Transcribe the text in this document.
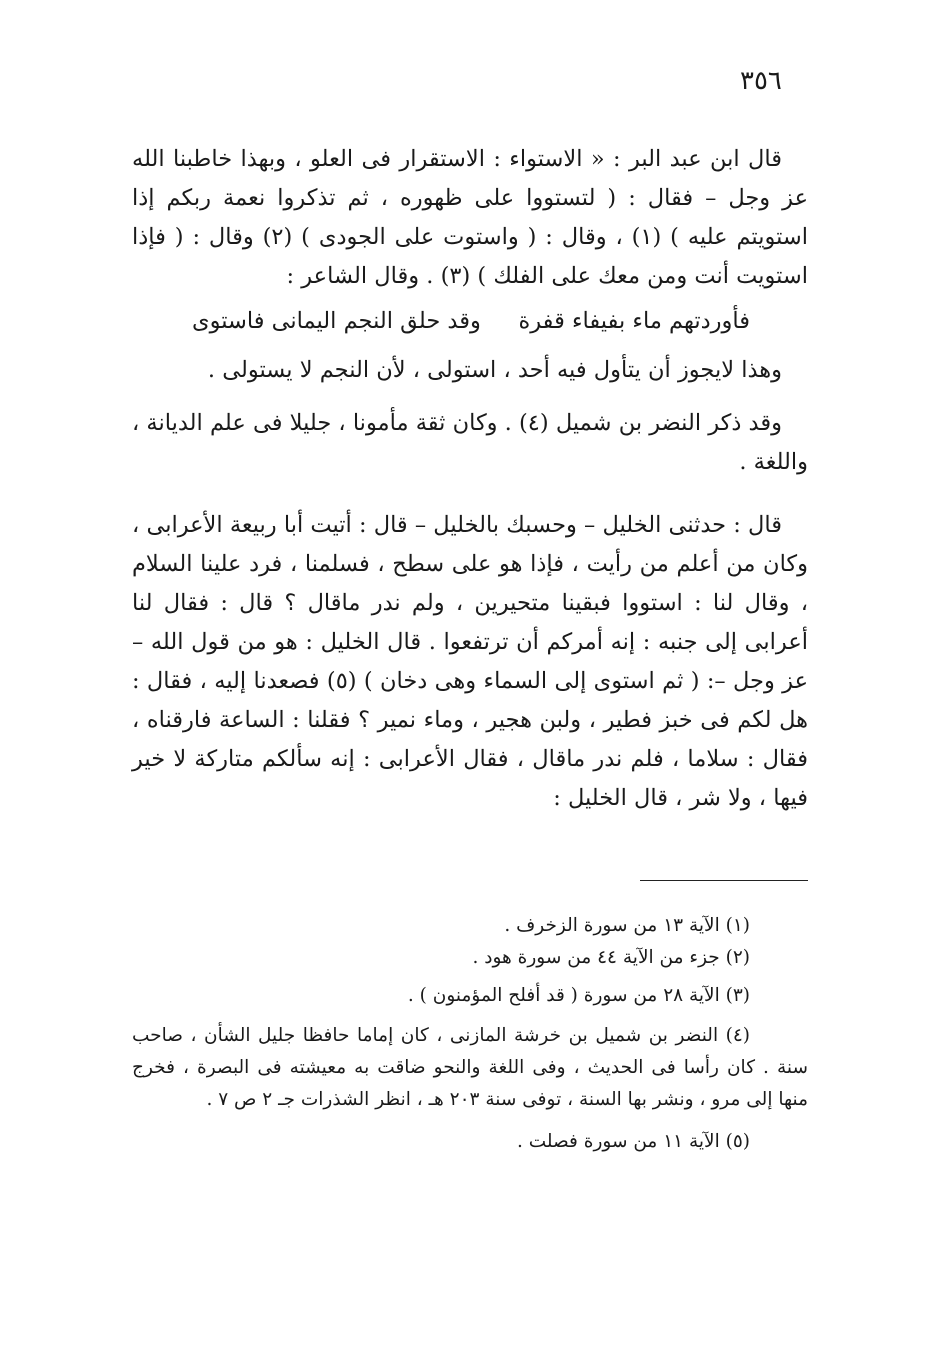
٣٥٦

قال ابن عبد البر : « الاستواء : الاستقرار فى العلو ، وبهذا خاطبنا الله عز وجل – فقال : ( لتستووا على ظهوره ، ثم تذكروا نعمة ربكم إذا استويتم عليه ) (١) ، وقال : ( واستوت على الجودى ) (٢) وقال : ( فإذا استويت أنت ومن معك على الفلك ) (٣) . وقال الشاعر :

فأوردتهم ماء بفيفاء قفرة
وقد حلق النجم اليمانى فاستوى

وهذا لايجوز أن يتأول فيه أحد ، استولى ، لأن النجم لا يستولى .

وقد ذكر النضر بن شميل (٤) . وكان ثقة مأمونا ، جليلا فى علم الديانة ، واللغة .

قال : حدثنى الخليل – وحسبك بالخليل – قال : أتيت أبا ربيعة الأعرابى ، وكان من أعلم من رأيت ، فإذا هو على سطح ، فسلمنا ، فرد علينا السلام ، وقال لنا : استووا فبقينا متحيرين ، ولم ندر ماقال ؟ قال : فقال لنا أعرابى إلى جنبه : إنه أمركم أن ترتفعوا . قال الخليل : هو من قول الله – عز وجل –: ( ثم استوى إلى السماء وهى دخان ) (٥) فصعدنا إليه ، فقال : هل لكم فى خبز فطير ، ولبن هجير ، وماء نمير ؟ فقلنا : الساعة فارقناه ، فقال : سلاما ، فلم ندر ماقال ، فقال الأعرابى : إنه سألكم متاركة لا خير فيها ، ولا شر ، قال الخليل :

(١) الآية ١٣ من سورة الزخرف .

(٢) جزء من الآية ٤٤ من سورة هود .

(٣) الآية ٢٨ من سورة ( قد أفلح المؤمنون ) .

(٤) النضر بن شميل بن خرشة المازنى ، كان إماما حافظا جليل الشأن ، صاحب سنة . كان رأسا فى الحديث ، وفى اللغة والنحو ضاقت به معيشته فى البصرة ، فخرج منها إلى مرو ، ونشر بها السنة ، توفى سنة ٢٠٣ هـ ، انظر الشذرات جـ ٢ ص ٧ .

(٥) الآية ١١ من سورة فصلت .
